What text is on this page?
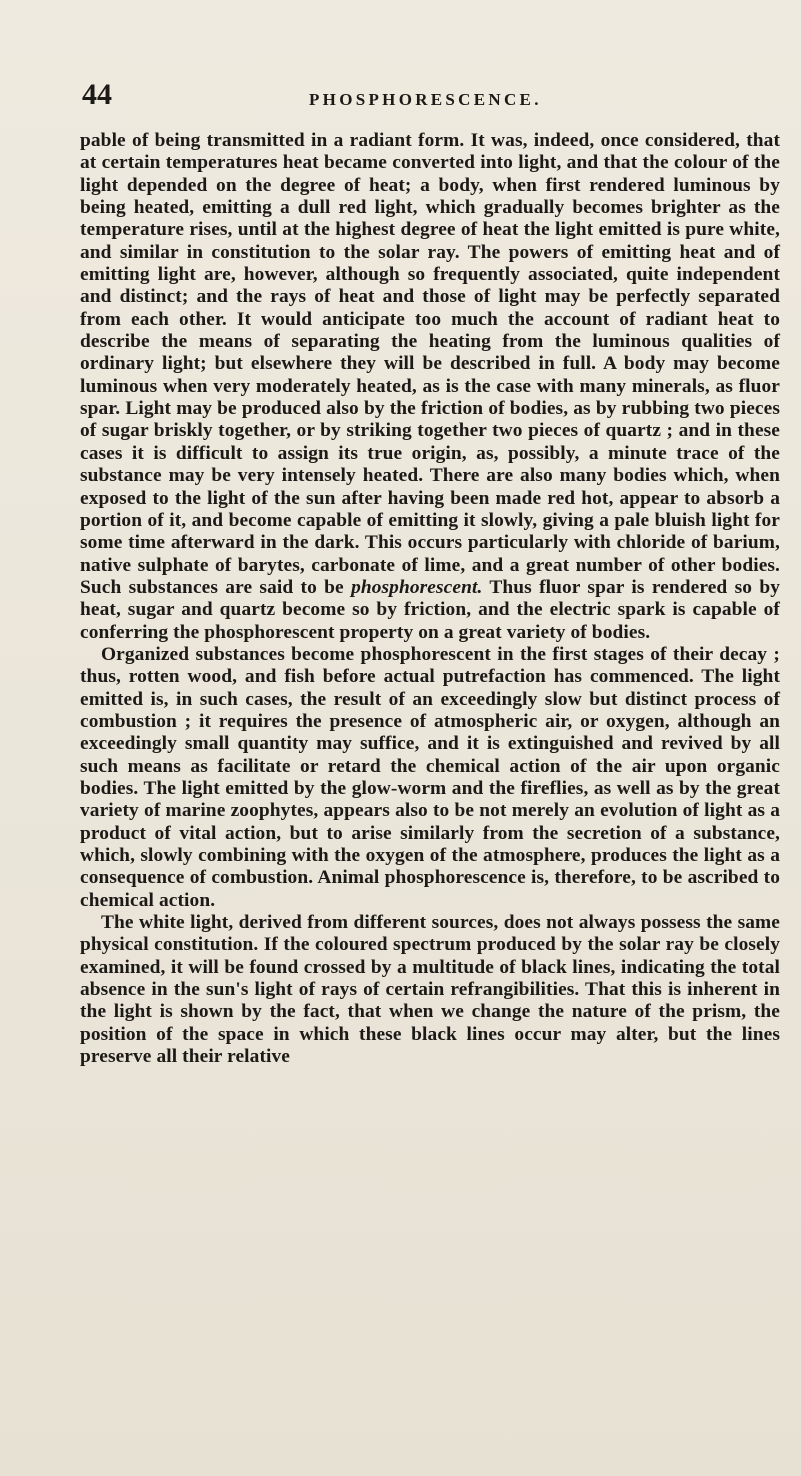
44	PHOSPHORESCENCE.

pable of being transmitted in a radiant form. It was, indeed, once considered, that at certain temperatures heat became converted into light, and that the colour of the light depended on the degree of heat; a body, when first rendered luminous by being heated, emitting a dull red light, which gradually becomes brighter as the temperature rises, until at the highest degree of heat the light emitted is pure white, and similar in constitution to the solar ray. The powers of emitting heat and of emitting light are, however, although so frequently associated, quite independent and distinct; and the rays of heat and those of light may be perfectly separated from each other. It would anticipate too much the account of radiant heat to describe the means of separating the heating from the luminous qualities of ordinary light; but elsewhere they will be described in full. A body may become luminous when very moderately heated, as is the case with many minerals, as fluor spar. Light may be produced also by the friction of bodies, as by rubbing two pieces of sugar briskly together, or by striking together two pieces of quartz ; and in these cases it is difficult to assign its true origin, as, possibly, a minute trace of the substance may be very intensely heated. There are also many bodies which, when exposed to the light of the sun after having been made red hot, appear to absorb a portion of it, and become capable of emitting it slowly, giving a pale bluish light for some time afterward in the dark. This occurs particularly with chloride of barium, native sulphate of barytes, carbonate of lime, and a great number of other bodies. Such substances are said to be phosphorescent. Thus fluor spar is rendered so by heat, sugar and quartz become so by friction, and the electric spark is capable of conferring the phosphorescent property on a great variety of bodies.

Organized substances become phosphorescent in the first stages of their decay ; thus, rotten wood, and fish before actual putrefaction has commenced. The light emitted is, in such cases, the result of an exceedingly slow but distinct process of combustion ; it requires the presence of atmospheric air, or oxygen, although an exceedingly small quantity may suffice, and it is extinguished and revived by all such means as facilitate or retard the chemical action of the air upon organic bodies. The light emitted by the glow-worm and the fireflies, as well as by the great variety of marine zoophytes, appears also to be not merely an evolution of light as a product of vital action, but to arise similarly from the secretion of a substance, which, slowly combining with the oxygen of the atmosphere, produces the light as a consequence of combustion. Animal phosphorescence is, therefore, to be ascribed to chemical action.

The white light, derived from different sources, does not always possess the same physical constitution. If the coloured spectrum produced by the solar ray be closely examined, it will be found crossed by a multitude of black lines, indicating the total absence in the sun's light of rays of certain refrangibilities. That this is inherent in the light is shown by the fact, that when we change the nature of the prism, the position of the space in which these black lines occur may alter, but the lines preserve all their relative
